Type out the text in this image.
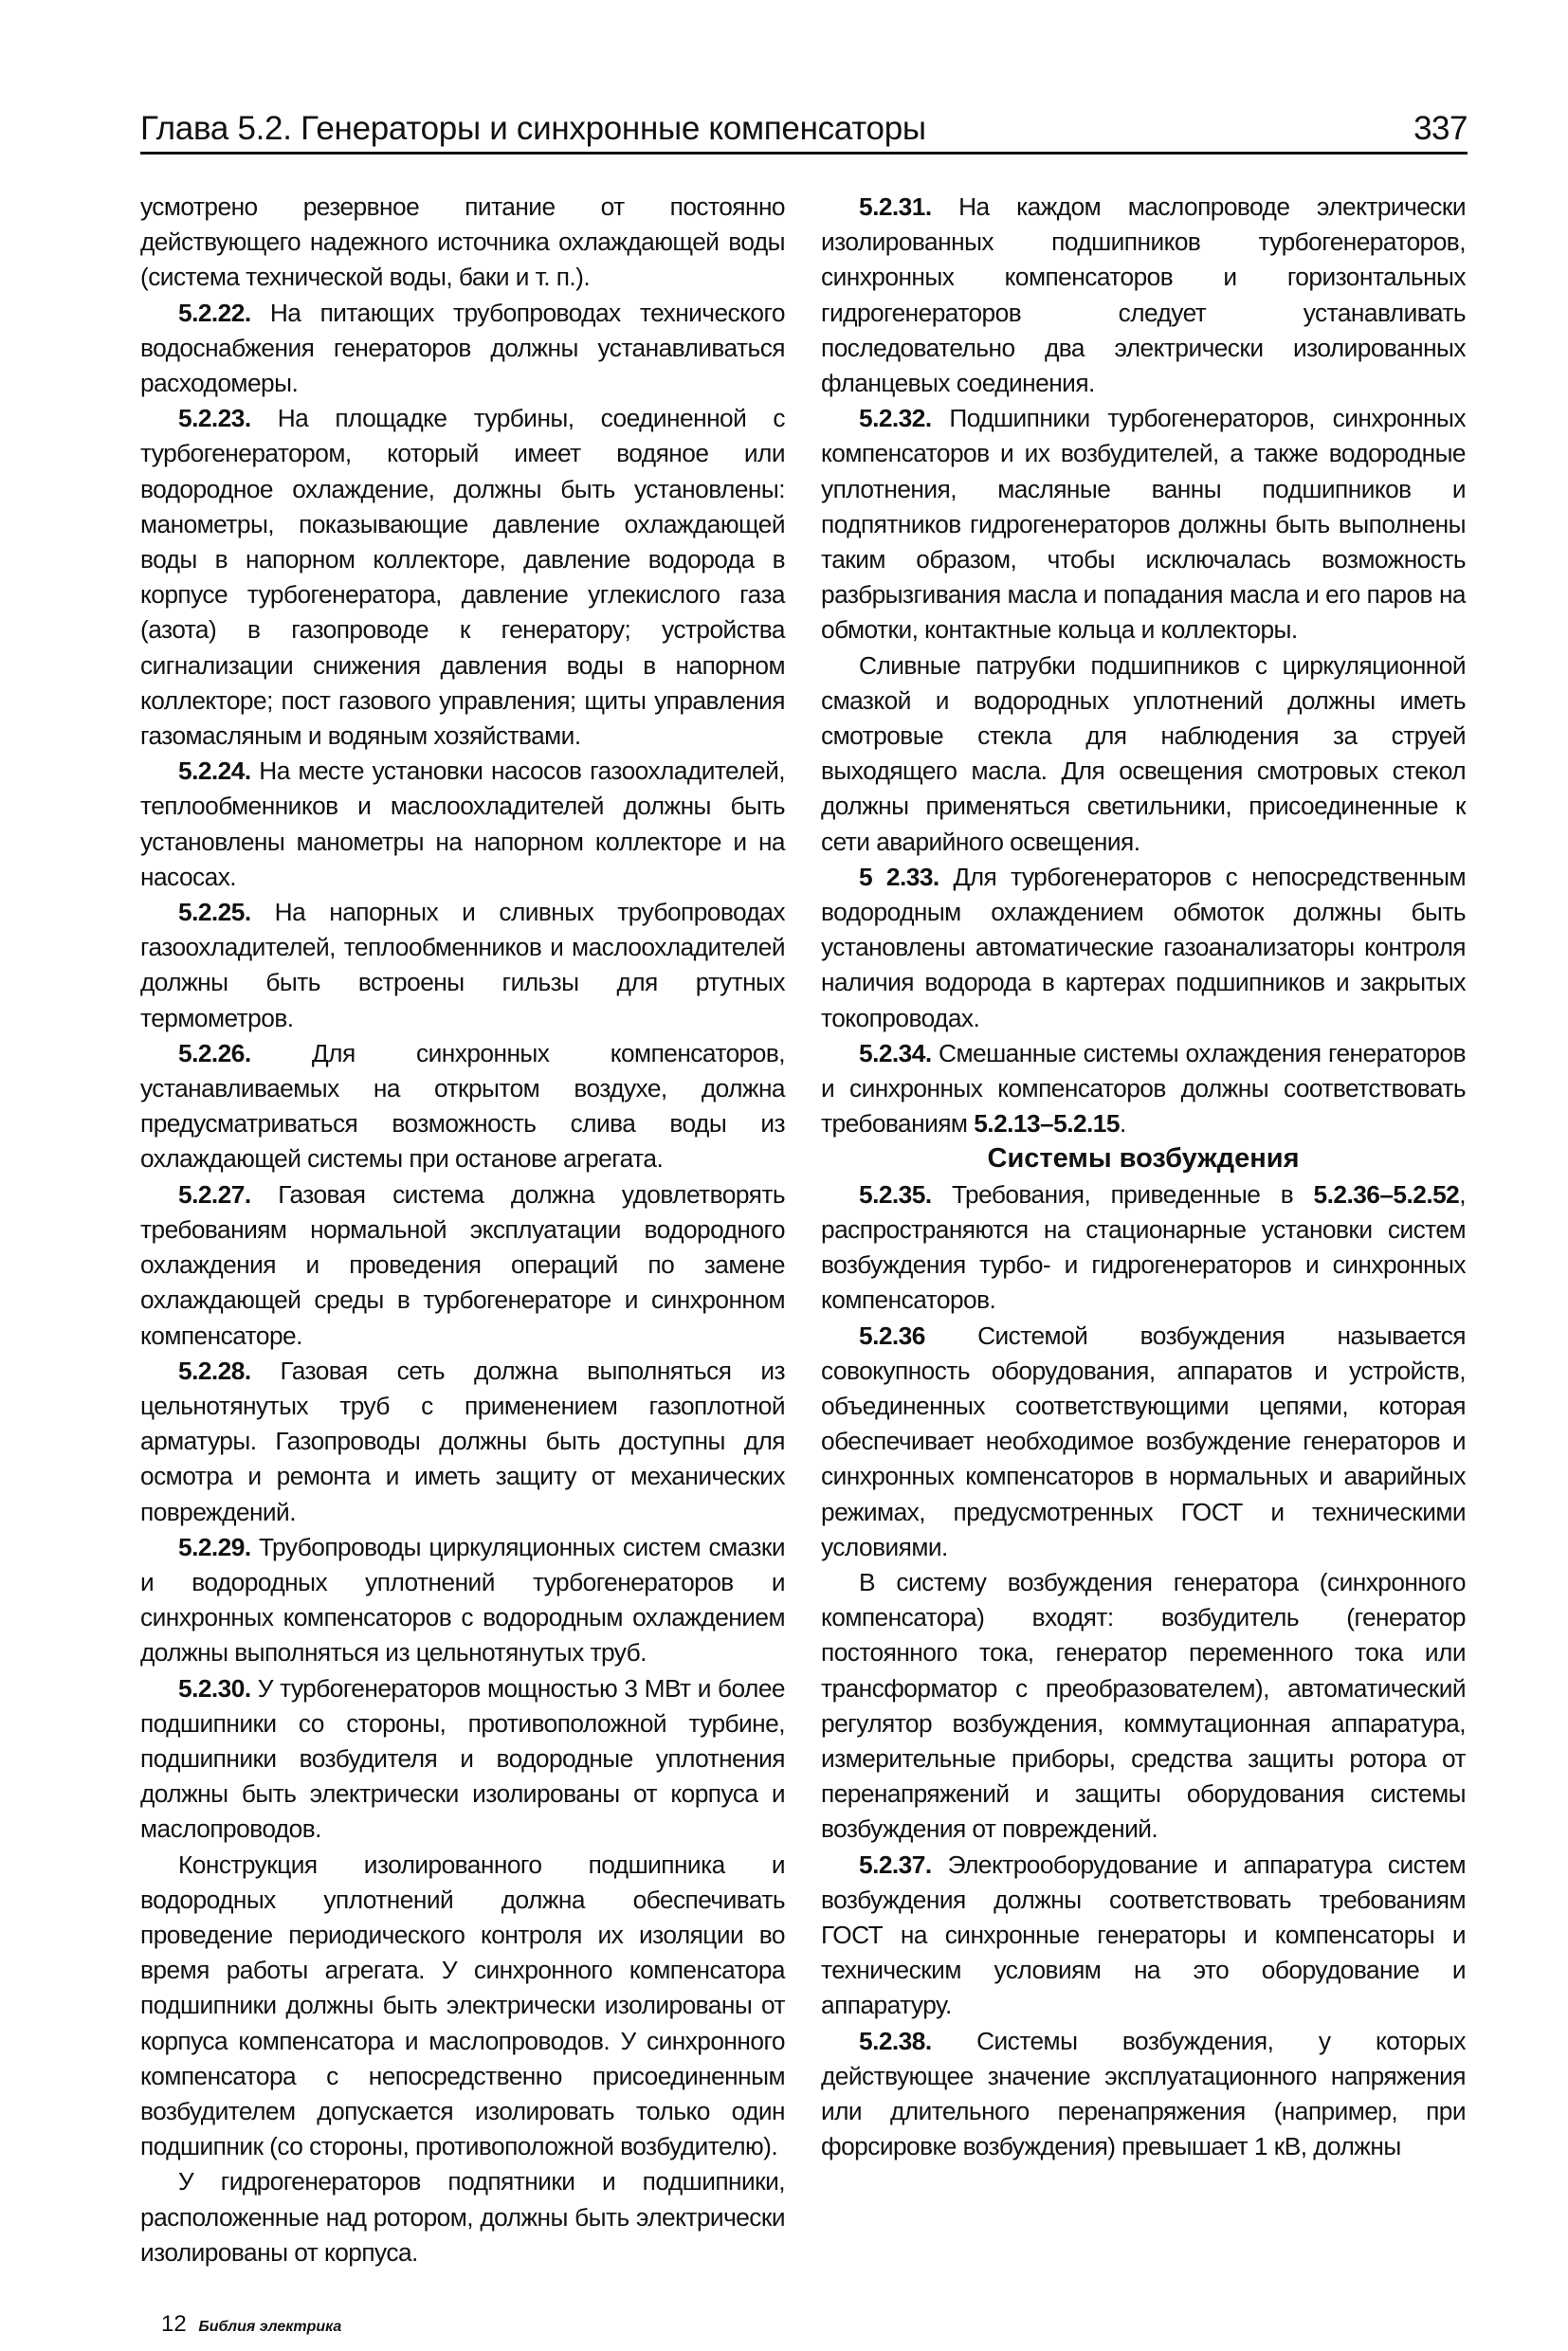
Глава 5.2. Генераторы и синхронные компенсаторы	337

усмотрено резервное питание от постоянно действующего надежного источника охлаждающей воды (система технической воды, баки и т. п.).

5.2.22. На питающих трубопроводах технического водоснабжения генераторов должны устанавливаться расходомеры.

5.2.23. На площадке турбины, соединенной с турбогенератором, который имеет водяное или водородное охлаждение, должны быть установлены: манометры, показывающие давление охлаждающей воды в напорном коллекторе, давление водорода в корпусе турбогенератора, давление углекислого газа (азота) в газопроводе к генератору; устройства сигнализации снижения давления воды в напорном коллекторе; пост газового управления; щиты управления газомасляным и водяным хозяйствами.

5.2.24. На месте установки насосов газоохладителей, теплообменников и маслоохладителей должны быть установлены манометры на напорном коллекторе и на насосах.

5.2.25. На напорных и сливных трубопроводах газоохладителей, теплообменников и маслоохладителей должны быть встроены гильзы для ртутных термометров.

5.2.26. Для синхронных компенсаторов, устанавливаемых на открытом воздухе, должна предусматриваться возможность слива воды из охлаждающей системы при останове агрегата.

5.2.27. Газовая система должна удовлетворять требованиям нормальной эксплуатации водородного охлаждения и проведения операций по замене охлаждающей среды в турбогенераторе и синхронном компенсаторе.

5.2.28. Газовая сеть должна выполняться из цельнотянутых труб с применением газоплотной арматуры. Газопроводы должны быть доступны для осмотра и ремонта и иметь защиту от механических повреждений.

5.2.29. Трубопроводы циркуляционных систем смазки и водородных уплотнений турбогенераторов и синхронных компенсаторов с водородным охлаждением должны выполняться из цельнотянутых труб.

5.2.30. У турбогенераторов мощностью 3 МВт и более подшипники со стороны, противоположной турбине, подшипники возбудителя и водородные уплотнения должны быть электрически изолированы от корпуса и маслопроводов.

Конструкция изолированного подшипника и водородных уплотнений должна обеспечивать проведение периодического контроля их изоляции во время работы агрегата. У синхронного компенсатора подшипники должны быть электрически изолированы от корпуса компенсатора и маслопроводов. У синхронного компенсатора с непосредственно присоединенным возбудителем допускается изолировать только один подшипник (со стороны, противоположной возбудителю).

У гидрогенераторов подпятники и подшипники, расположенные над ротором, должны быть электрически изолированы от корпуса.

5.2.31. На каждом маслопроводе электрически изолированных подшипников турбогенераторов, синхронных компенсаторов и горизонтальных гидрогенераторов следует устанавливать последовательно два электрически изолированных фланцевых соединения.

5.2.32. Подшипники турбогенераторов, синхронных компенсаторов и их возбудителей, а также водородные уплотнения, масляные ванны подшипников и подпятников гидрогенераторов должны быть выполнены таким образом, чтобы исключалась возможность разбрызгивания масла и попадания масла и его паров на обмотки, контактные кольца и коллекторы.

Сливные патрубки подшипников с циркуляционной смазкой и водородных уплотнений должны иметь смотровые стекла для наблюдения за струей выходящего масла. Для освещения смотровых стекол должны применяться светильники, присоединенные к сети аварийного освещения.

5 2.33. Для турбогенераторов с непосредственным водородным охлаждением обмоток должны быть установлены автоматические газоанализаторы контроля наличия водорода в картерах подшипников и закрытых токопроводах.

5.2.34. Смешанные системы охлаждения генераторов и синхронных компенсаторов должны соответствовать требованиям 5.2.13–5.2.15.

Системы возбуждения

5.2.35. Требования, приведенные в 5.2.36–5.2.52, распространяются на стационарные установки систем возбуждения турбо- и гидрогенераторов и синхронных компенсаторов.

5.2.36 Системой возбуждения называется совокупность оборудования, аппаратов и устройств, объединенных соответствующими цепями, которая обеспечивает необходимое возбуждение генераторов и синхронных компенсаторов в нормальных и аварийных режимах, предусмотренных ГОСТ и техническими условиями.

В систему возбуждения генератора (синхронного компенсатора) входят: возбудитель (генератор постоянного тока, генератор переменного тока или трансформатор с преобразователем), автоматический регулятор возбуждения, коммутационная аппаратура, измерительные приборы, средства защиты ротора от перенапряжений и защиты оборудования системы возбуждения от повреждений.

5.2.37. Электрооборудование и аппаратура систем возбуждения должны соответствовать требованиям ГОСТ на синхронные генераторы и компенсаторы и техническим условиям на это оборудование и аппаратуру.

5.2.38. Системы возбуждения, у которых действующее значение эксплуатационного напряжения или длительного перенапряжения (например, при форсировке возбуждения) превышает 1 кВ, должны

12 Библия электрика
